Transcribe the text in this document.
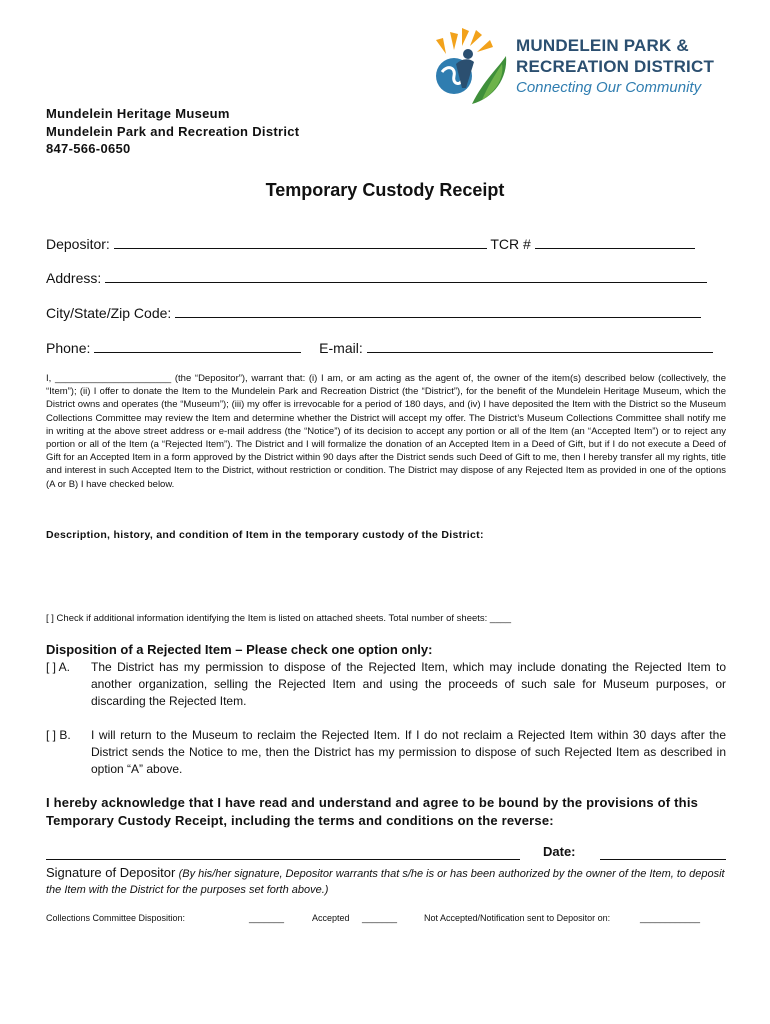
MUNDELEIN PARK &
RECREATION DISTRICT
Connecting Our Community
Mundelein Heritage Museum
Mundelein Park and Recreation District
847-566-0650
Temporary Custody Receipt
Depositor:	TCR #
Address:
City/State/Zip Code:
Phone:	E-mail:
I, ______________________ (the “Depositor”), warrant that: (i) I am, or am acting as the agent of, the owner of the item(s) described below (collectively, the “Item”); (ii) I offer to donate the Item to the Mundelein Park and Recreation District (the “District”), for the benefit of the Mundelein Heritage Museum, which the District owns and operates (the “Museum”); (iii) my offer is irrevocable for a period of 180 days, and (iv) I have deposited the Item with the District so the Museum Collections Committee may review the Item and determine whether the District will accept my offer. The District’s Museum Collections Committee shall notify me in writing at the above street address or e-mail address (the “Notice”) of its decision to accept any portion or all of the Item (an “Accepted Item”) or to reject any portion or all of the Item (a “Rejected Item”). The District and I will formalize the donation of an Accepted Item in a Deed of Gift, but if I do not execute a Deed of Gift for an Accepted Item in a form approved by the District within 90 days after the District sends such Deed of Gift to me, then I hereby transfer all my rights, title and interest in such Accepted Item to the District, without restriction or condition. The District may dispose of any Rejected Item as provided in one of the options (A or B) I have checked below.
Description, history, and condition of Item in the temporary custody of the District:
[ ] Check if additional information identifying the Item is listed on attached sheets. Total number of sheets: ____
Disposition of a Rejected Item – Please check one option only:
[ ] A. The District has my permission to dispose of the Rejected Item, which may include donating the Rejected Item to another organization, selling the Rejected Item and using the proceeds of such sale for Museum purposes, or discarding the Rejected Item.
[ ] B. I will return to the Museum to reclaim the Rejected Item. If I do not reclaim a Rejected Item within 30 days after the District sends the Notice to me, then the District has my permission to dispose of such Rejected Item as described in option “A” above.
I hereby acknowledge that I have read and understand and agree to be bound by the provisions of this Temporary Custody Receipt, including the terms and conditions on the reverse:
Date:
Signature of Depositor (By his/her signature, Depositor warrants that s/he is or has been authorized by the owner of the Item, to deposit the Item with the District for the purposes set forth above.)
Collections Committee Disposition:	_______	Accepted _______	Not Accepted/Notification sent to Depositor on:	____________
